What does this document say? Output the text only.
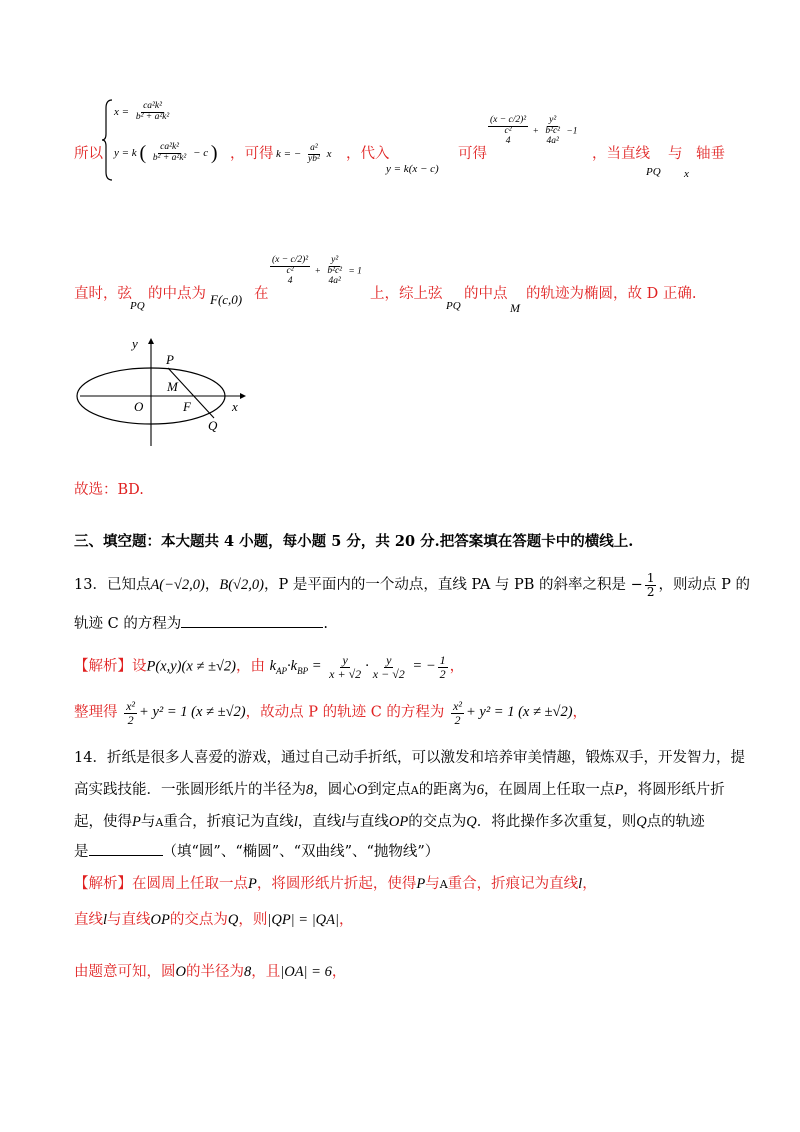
所以
$x = \frac{\text{ca²k²}}{\text{b² + a²k²}}$
y = k ( $\frac{\text{ca²k²}}{\text{b² + a²k²}} - c$ ) ，可得 k = − $\frac{\text{a²}}{\text{yb²}}$ x ，代入
y = k(x − c)
可得
(x − c/2)²
c²
4
+
y²
b²c²
4a²
−1
，当直线
PQ
与
x
轴垂
直时，弦
PQ
的中点为 F(c,0) 在
(x − c/2)²
c²
4
+
y²
b²c²
4a²
= 1
上，综上弦
PQ
的中点
M
的轨迹为椭圆，故 D 正确.
y
x
P
M
O	F
Q
故选：BD.
三、填空题：本大题共 4 小题，每小题 5 分，共 20 分.把答案填在答题卡中的横线上.
13．已知点A(−√2,0)，B(√2,0)，P 是平面内的一个动点，直线 PA 与 PB 的斜率之积是 − $\frac{1}{2}$ ，则动点 P 的
轨迹 C 的方程为	.
【解析】设P(x,y)(x ≠ ±√2)，由 $k_{AP}\cdot k_{BP} = \frac{y}{x + √2} \cdot \frac{y}{x - √2}$ = − $\frac{1}{2}$ ，
整理得 $\frac{\text{x²}}{2} + y^2 = 1$ (x ≠ ±√2)，故动点 P 的轨迹 C 的方程为 $\frac{\text{x²}}{2} + y^2 = 1$ (x ≠ ±√2)，
14．折纸是很多人喜爱的游戏，通过自己动手折纸，可以激发和培养审美情趣，锻炼双手，开发智力，提
高实践技能．一张圆形纸片的半径为8，圆心O到定点A的距离为6，在圆周上任取一点P，将圆形纸片折
起，使得P与A重合，折痕记为直线l，直线l与直线OP的交点为Q．将此操作多次重复，则Q点的轨迹
是	（填“圆”、“椭圆”、“双曲线”、“抛物线”）
【解析】在圆周上任取一点P，将圆形纸片折起，使得P与A重合，折痕记为直线l，
直线l与直线OP的交点为Q，则|QP| = |QA|，
由题意可知，圆O的半径为8，且|OA| = 6，
